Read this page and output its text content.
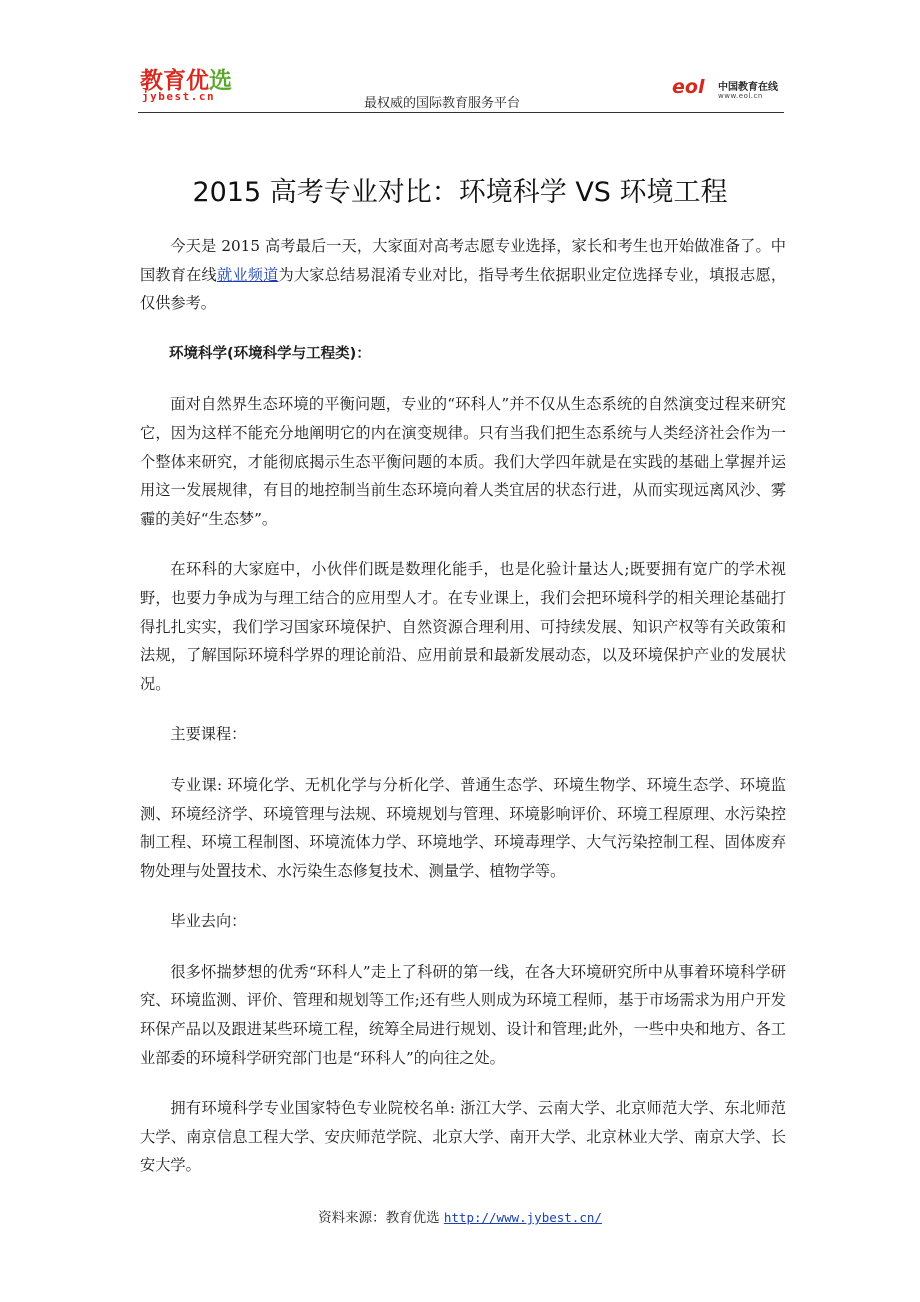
教育优选
jybest.cn	最权威的国际教育服务平台
eol 中国教育在线
www.eol.cn
2015 高考专业对比：环境科学 VS 环境工程

今天是 2015 高考最后一天，大家面对高考志愿专业选择，家长和考生也开始做准备了。中国教育在线就业频道为大家总结易混淆专业对比，指导考生依据职业定位选择专业，填报志愿，仅供参考。

环境科学(环境科学与工程类)：

面对自然界生态环境的平衡问题，专业的“环科人”并不仅从生态系统的自然演变过程来研究它，因为这样不能充分地阐明它的内在演变规律。只有当我们把生态系统与人类经济社会作为一个整体来研究，才能彻底揭示生态平衡问题的本质。我们大学四年就是在实践的基础上掌握并运用这一发展规律，有目的地控制当前生态环境向着人类宜居的状态行进，从而实现远离风沙、雾霾的美好“生态梦”。

在环科的大家庭中，小伙伴们既是数理化能手，也是化验计量达人;既要拥有宽广的学术视野，也要力争成为与理工结合的应用型人才。在专业课上，我们会把环境科学的相关理论基础打得扎扎实实，我们学习国家环境保护、自然资源合理利用、可持续发展、知识产权等有关政策和法规，了解国际环境科学界的理论前沿、应用前景和最新发展动态，以及环境保护产业的发展状况。

主要课程：

专业课: 环境化学、无机化学与分析化学、普通生态学、环境生物学、环境生态学、环境监测、环境经济学、环境管理与法规、环境规划与管理、环境影响评价、环境工程原理、水污染控制工程、环境工程制图、环境流体力学、环境地学、环境毒理学、大气污染控制工程、固体废弃物处理与处置技术、水污染生态修复技术、测量学、植物学等。

毕业去向：

很多怀揣梦想的优秀“环科人”走上了科研的第一线，在各大环境研究所中从事着环境科学研究、环境监测、评价、管理和规划等工作;还有些人则成为环境工程师，基于市场需求为用户开发环保产品以及跟进某些环境工程，统筹全局进行规划、设计和管理;此外，一些中央和地方、各工业部委的环境科学研究部门也是“环科人”的向往之处。

拥有环境科学专业国家特色专业院校名单: 浙江大学、云南大学、北京师范大学、东北师范大学、南京信息工程大学、安庆师范学院、北京大学、南开大学、北京林业大学、南京大学、长安大学。

资料来源：教育优选 http://www.jybest.cn/
